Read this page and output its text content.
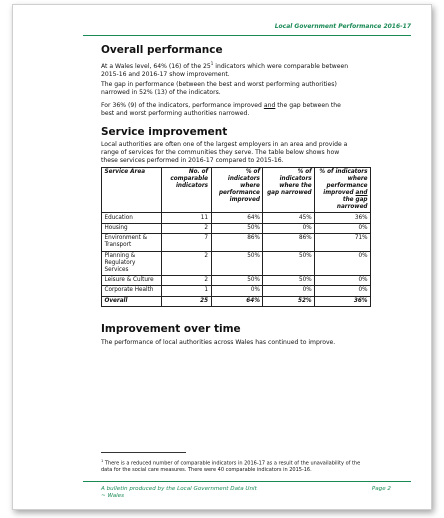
Local Government Performance 2016-17
Overall performance

At a Wales level, 64% (16) of the $25^1$ indicators which were comparable between 2015-16 and 2016-17 show improvement.

The gap in performance (between the best and worst performing authorities) narrowed in 52% (13) of the indicators.

For 36% (9) of the indicators, performance improved and the gap between the best and worst performing authorities narrowed.

Service improvement

Local authorities are often one of the largest employers in an area and provide a range of services for the communities they serve. The table below shows how these services performed in 2016-17 compared to 2015-16.

Service Area	No. of comparable indicators	% of indicators where performance improved	% of indicators where the gap narrowed	% of indicators where performance improved and the gap narrowed
Education	11	64%	45%	36%
Housing	2	50%	0%	0%
Environment & Transport	7	86%	86%	71%
Planning & Regulatory Services	2	50%	50%	0%
Leisure & Culture	2	50%	50%	0%
Corporate Health	1	0%	0%	0%
Overall	25	64%	52%	36%
Improvement over time

The performance of local authorities across Wales has continued to improve.

$^1$ There is a reduced number of comparable indicators in 2016-17 as a result of the unavailability of the data for the social care measures. There were 40 comparable indicators in 2015-16.

A bulletin produced by the Local Government Data Unit ~ Wales
Page 2
